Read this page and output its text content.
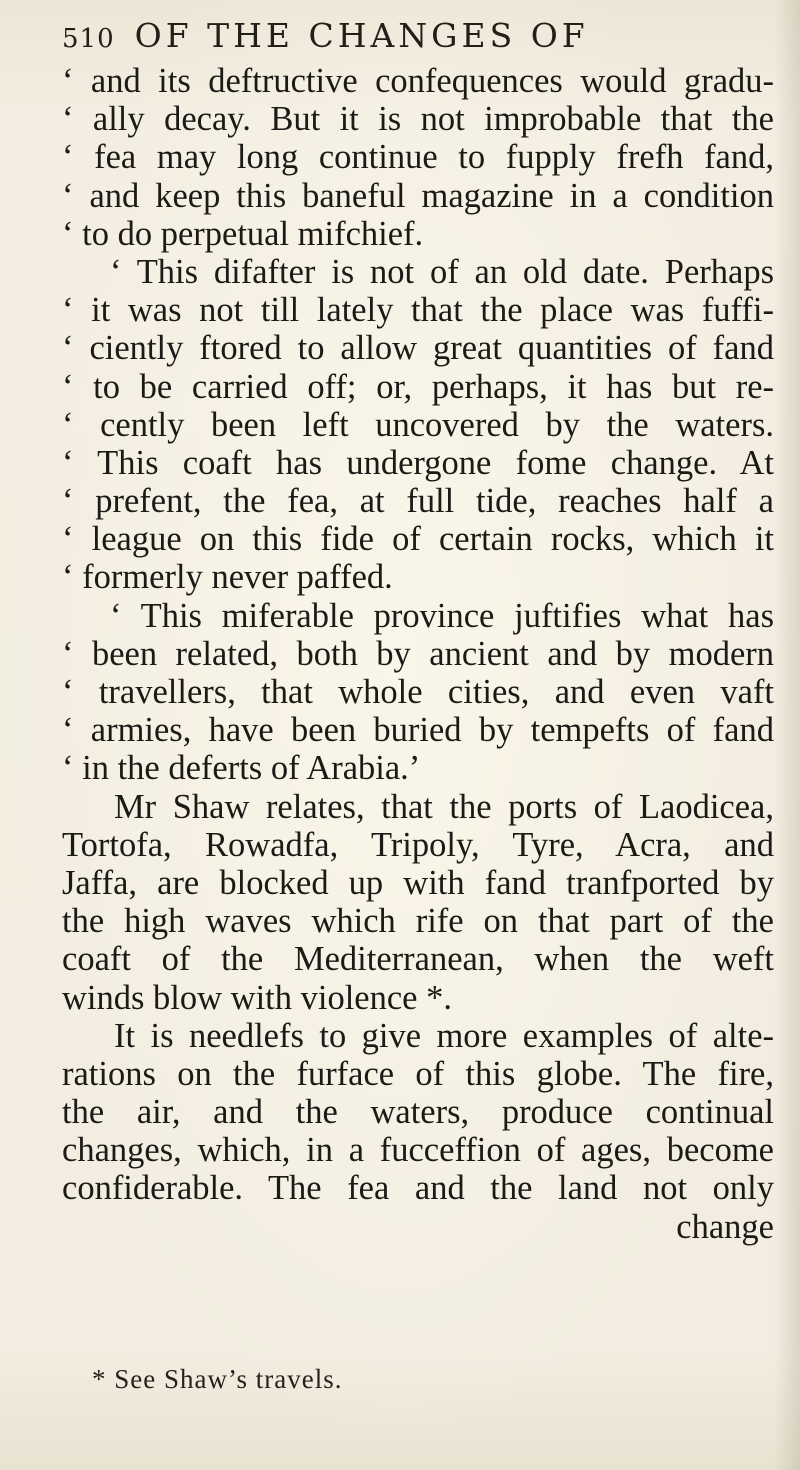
510 OF THE CHANGES OF
‘ and its deftructive confequences would gradu-
‘ ally decay. But it is not improbable that the
‘ fea may long continue to fupply frefh fand,
‘ and keep this baneful magazine in a condition
‘ to do perpetual mifchief.
‘ This difafter is not of an old date. Perhaps
‘ it was not till lately that the place was fuffi-
‘ ciently ftored to allow great quantities of fand
‘ to be carried off; or, perhaps, it has but re-
‘ cently been left uncovered by the waters.
‘ This coaft has undergone fome change. At
‘ prefent, the fea, at full tide, reaches half a
‘ league on this fide of certain rocks, which it
‘ formerly never paffed.
‘ This miferable province juftifies what has
‘ been related, both by ancient and by modern
‘ travellers, that whole cities, and even vaft
‘ armies, have been buried by tempefts of fand
‘ in the deferts of Arabia.’
Mr Shaw relates, that the ports of Laodicea,
Tortofa, Rowadfa, Tripoly, Tyre, Acra, and
Jaffa, are blocked up with fand tranfported by
the high waves which rife on that part of the
coaft of the Mediterranean, when the weft
winds blow with violence *.
It is needlefs to give more examples of alte-
rations on the furface of this globe. The fire,
the air, and the waters, produce continual
changes, which, in a fucceffion of ages, become
confiderable. The fea and the land not only
change
* See Shaw’s travels.
